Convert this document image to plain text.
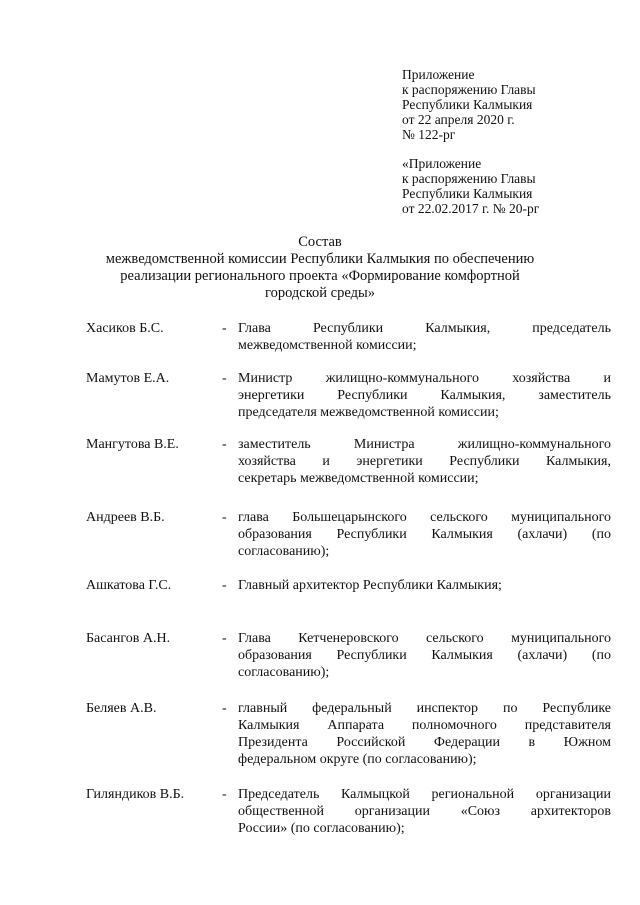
Приложение
к распоряжению Главы
Республики Калмыкия
от 22 апреля 2020 г.
№ 122-рг
«Приложение
к распоряжению Главы
Республики Калмыкия
от 22.02.2017 г. № 20-рг
Состав
межведомственной комиссии Республики Калмыкия по обеспечению
реализации регионального проекта «Формирование комфортной
городской среды»
Хасиков Б.С.	- Глава Республики Калмыкия, председатель
межведомственной комиссии;
Мамутов Е.А.	- Министр жилищно-коммунального хозяйства и
энергетики Республики Калмыкия, заместитель
председателя межведомственной комиссии;
Мангутова В.Е.	- заместитель Министра жилищно-коммунального
хозяйства и энергетики Республики Калмыкия,
секретарь межведомственной комиссии;
Андреев В.Б.	- глава Большецарынского сельского муниципального
образования Республики Калмыкия (ахлачи) (по
согласованию);
Ашкатова Г.С.	- Главный архитектор Республики Калмыкия;
Басангов А.Н.	- Глава Кетченеровского сельского муниципального
образования Республики Калмыкия (ахлачи) (по
согласованию);
Беляев А.В.	- главный федеральный инспектор по Республике
Калмыкия Аппарата полномочного представителя
Президента Российской Федерации в Южном
федеральном округе (по согласованию);
Гиляндиков В.Б.	- Председатель Калмыцкой региональной организации
общественной организации «Союз архитекторов
России» (по согласованию);
